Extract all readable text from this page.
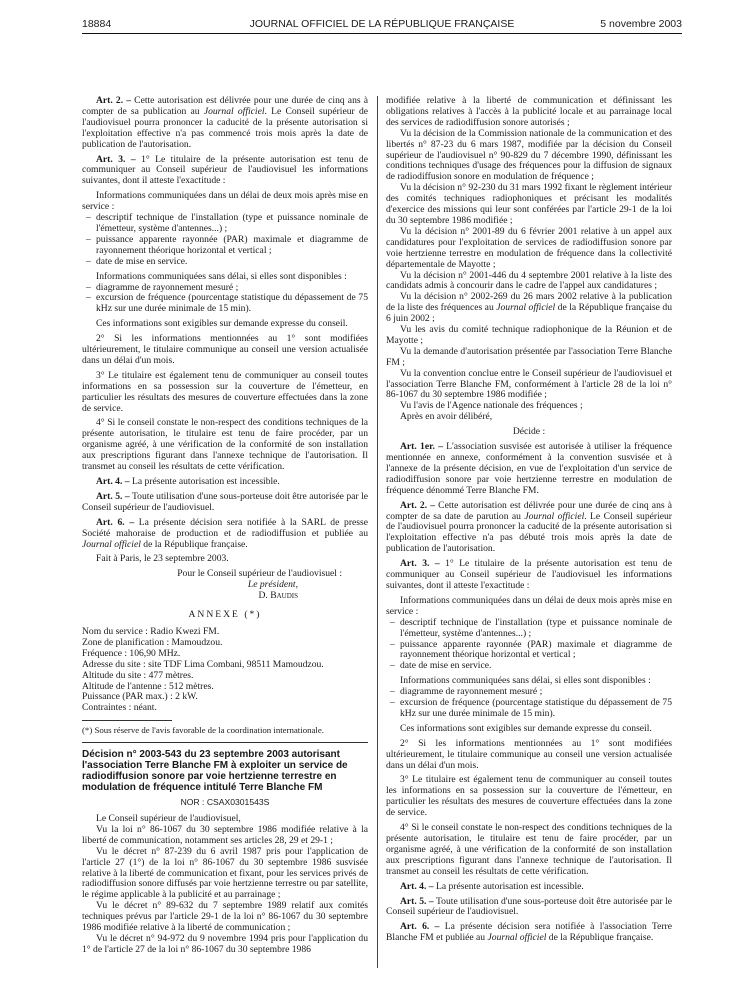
18884	JOURNAL OFFICIEL DE LA RÉPUBLIQUE FRANÇAISE	5 novembre 2003

Art. 2. – Cette autorisation est délivrée pour une durée de cinq ans à compter de sa publication au Journal officiel. Le Conseil supérieur de l'audiovisuel pourra prononcer la caducité de la présente autorisation si l'exploitation effective n'a pas commencé trois mois après la date de publication de l'autorisation.

Art. 3. – 1° Le titulaire de la présente autorisation est tenu de communiquer au Conseil supérieur de l'audiovisuel les informations suivantes, dont il atteste l'exactitude :

Informations communiquées dans un délai de deux mois après mise en service :

– descriptif technique de l'installation (type et puissance nominale de l'émetteur, système d'antennes...) ;

– puissance apparente rayonnée (PAR) maximale et diagramme de rayonnement théorique horizontal et vertical ;

– date de mise en service.

Informations communiquées sans délai, si elles sont disponibles :

– diagramme de rayonnement mesuré ;

– excursion de fréquence (pourcentage statistique du dépassement de 75 kHz sur une durée minimale de 15 min).

Ces informations sont exigibles sur demande expresse du conseil.

2° Si les informations mentionnées au 1° sont modifiées ultérieurement, le titulaire communique au conseil une version actualisée dans un délai d'un mois.

3° Le titulaire est également tenu de communiquer au conseil toutes informations en sa possession sur la couverture de l'émetteur, en particulier les résultats des mesures de couverture effectuées dans la zone de service.

4° Si le conseil constate le non-respect des conditions techniques de la présente autorisation, le titulaire est tenu de faire procéder, par un organisme agréé, à une vérification de la conformité de son installation aux prescriptions figurant dans l'annexe technique de l'autorisation. Il transmet au conseil les résultats de cette vérification.

Art. 4. – La présente autorisation est incessible.

Art. 5. – Toute utilisation d'une sous-porteuse doit être autorisée par le Conseil supérieur de l'audiovisuel.

Art. 6. – La présente décision sera notifiée à la SARL de presse Société mahoraise de production et de radiodiffusion et publiée au Journal officiel de la République française.

Fait à Paris, le 23 septembre 2003.

Pour le Conseil supérieur de l'audiovisuel :

Le président,

D. Baudis

ANNEXE (*)

Nom du service : Radio Kwezi FM.

Zone de planification : Mamoudzou.

Fréquence : 106,90 MHz.

Adresse du site : site TDF Lima Combani, 98511 Mamoudzou.

Altitude du site : 477 mètres.

Altitude de l'antenne : 512 mètres.

Puissance (PAR max.) : 2 kW.

Contraintes : néant.

(*) Sous réserve de l'avis favorable de la coordination internationale.

Décision n° 2003-543 du 23 septembre 2003 autorisant l'association Terre Blanche FM à exploiter un service de radiodiffusion sonore par voie hertzienne terrestre en modulation de fréquence intitulé Terre Blanche FM

NOR : CSAX0301543S

Le Conseil supérieur de l'audiovisuel,

Vu la loi n° 86-1067 du 30 septembre 1986 modifiée relative à la liberté de communication, notamment ses articles 28, 29 et 29-1 ;

Vu le décret n° 87-239 du 6 avril 1987 pris pour l'application de l'article 27 (1°) de la loi n° 86-1067 du 30 septembre 1986 susvisée relative à la liberté de communication et fixant, pour les services privés de radiodiffusion sonore diffusés par voie hertzienne terrestre ou par satellite, le régime applicable à la publicité et au parrainage ;

Vu le décret n° 89-632 du 7 septembre 1989 relatif aux comités techniques prévus par l'article 29-1 de la loi n° 86-1067 du 30 septembre 1986 modifiée relative à la liberté de communication ;

Vu le décret n° 94-972 du 9 novembre 1994 pris pour l'application du 1° de l'article 27 de la loi n° 86-1067 du 30 septembre 1986

modifiée relative à la liberté de communication et définissant les obligations relatives à l'accès à la publicité locale et au parrainage local des services de radiodiffusion sonore autorisés ;

Vu la décision de la Commission nationale de la communication et des libertés n° 87-23 du 6 mars 1987, modifiée par la décision du Conseil supérieur de l'audiovisuel n° 90-829 du 7 décembre 1990, définissant les conditions techniques d'usage des fréquences pour la diffusion de signaux de radiodiffusion sonore en modulation de fréquence ;

Vu la décision n° 92-230 du 31 mars 1992 fixant le règlement intérieur des comités techniques radiophoniques et précisant les modalités d'exercice des missions qui leur sont conférées par l'article 29-1 de la loi du 30 septembre 1986 modifiée ;

Vu la décision n° 2001-89 du 6 février 2001 relative à un appel aux candidatures pour l'exploitation de services de radiodiffusion sonore par voie hertzienne terrestre en modulation de fréquence dans la collectivité départementale de Mayotte ;

Vu la décision n° 2001-446 du 4 septembre 2001 relative à la liste des candidats admis à concourir dans le cadre de l'appel aux candidatures ;

Vu la décision n° 2002-269 du 26 mars 2002 relative à la publication de la liste des fréquences au Journal officiel de la République française du 6 juin 2002 ;

Vu les avis du comité technique radiophonique de la Réunion et de Mayotte ;

Vu la demande d'autorisation présentée par l'association Terre Blanche FM ;

Vu la convention conclue entre le Conseil supérieur de l'audiovisuel et l'association Terre Blanche FM, conformément à l'article 28 de la loi n° 86-1067 du 30 septembre 1986 modifiée ;

Vu l'avis de l'Agence nationale des fréquences ;

Après en avoir délibéré,

Décide :

Art. 1er. – L'association susvisée est autorisée à utiliser la fréquence mentionnée en annexe, conformément à la convention susvisée et à l'annexe de la présente décision, en vue de l'exploitation d'un service de radiodiffusion sonore par voie hertzienne terrestre en modulation de fréquence dénommé Terre Blanche FM.

Art. 2. – Cette autorisation est délivrée pour une durée de cinq ans à compter de sa date de parution au Journal officiel. Le Conseil supérieur de l'audiovisuel pourra prononcer la caducité de la présente autorisation si l'exploitation effective n'a pas débuté trois mois après la date de publication de l'autorisation.

Art. 3. – 1° Le titulaire de la présente autorisation est tenu de communiquer au Conseil supérieur de l'audiovisuel les informations suivantes, dont il atteste l'exactitude :

Informations communiquées dans un délai de deux mois après mise en service :

– descriptif technique de l'installation (type et puissance nominale de l'émetteur, système d'antennes...) ;

– puissance apparente rayonnée (PAR) maximale et diagramme de rayonnement théorique horizontal et vertical ;

– date de mise en service.

Informations communiquées sans délai, si elles sont disponibles :

– diagramme de rayonnement mesuré ;

– excursion de fréquence (pourcentage statistique du dépassement de 75 kHz sur une durée minimale de 15 min).

Ces informations sont exigibles sur demande expresse du conseil.

2° Si les informations mentionnées au 1° sont modifiées ultérieurement, le titulaire communique au conseil une version actualisée dans un délai d'un mois.

3° Le titulaire est également tenu de communiquer au conseil toutes les informations en sa possession sur la couverture de l'émetteur, en particulier les résultats des mesures de couverture effectuées dans la zone de service.

4° Si le conseil constate le non-respect des conditions techniques de la présente autorisation, le titulaire est tenu de faire procéder, par un organisme agréé, à une vérification de la conformité de son installation aux prescriptions figurant dans l'annexe technique de l'autorisation. Il transmet au conseil les résultats de cette vérification.

Art. 4. – La présente autorisation est incessible.

Art. 5. – Toute utilisation d'une sous-porteuse doit être autorisée par le Conseil supérieur de l'audiovisuel.

Art. 6. – La présente décision sera notifiée à l'association Terre Blanche FM et publiée au Journal officiel de la République française.
